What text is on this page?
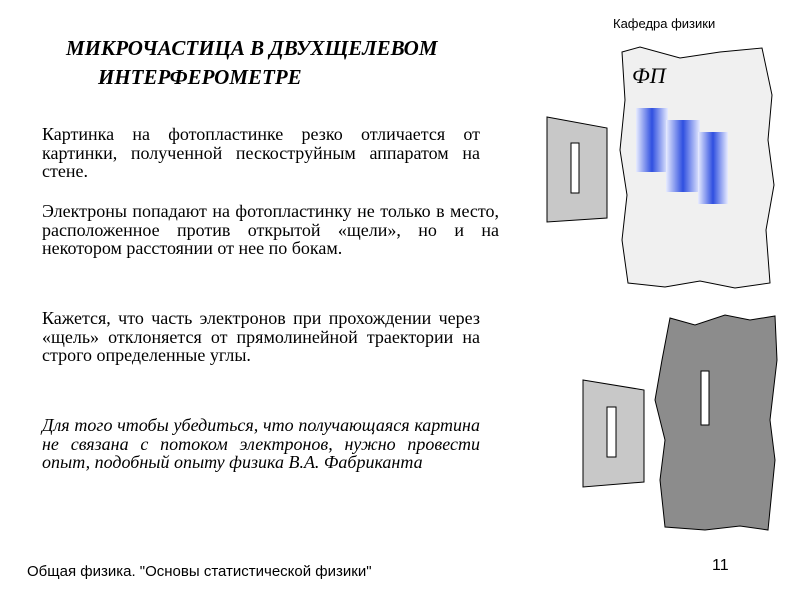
Кафедра физики
МИКРОЧАСТИЦА В ДВУХЩЕЛЕВОМ
ИНТЕРФЕРОМЕТРЕ
Картинка на фотопластинке резко отличается от картинки, полученной пескоструйным аппаратом на стене.
Электроны попадают на фотопластинку не только в место, расположенное против открытой «щели», но и на некотором расстоянии от нее по бокам.
Кажется, что часть электронов при прохождении через «щель» отклоняется от прямолинейной траектории на строго определенные углы.
Для того чтобы убедиться, что получающаяся картина не связана с потоком электронов, нужно провести опыт, подобный опыту физика В.А. Фабриканта
ФП
Общая физика. "Основы статистической физики"	11
